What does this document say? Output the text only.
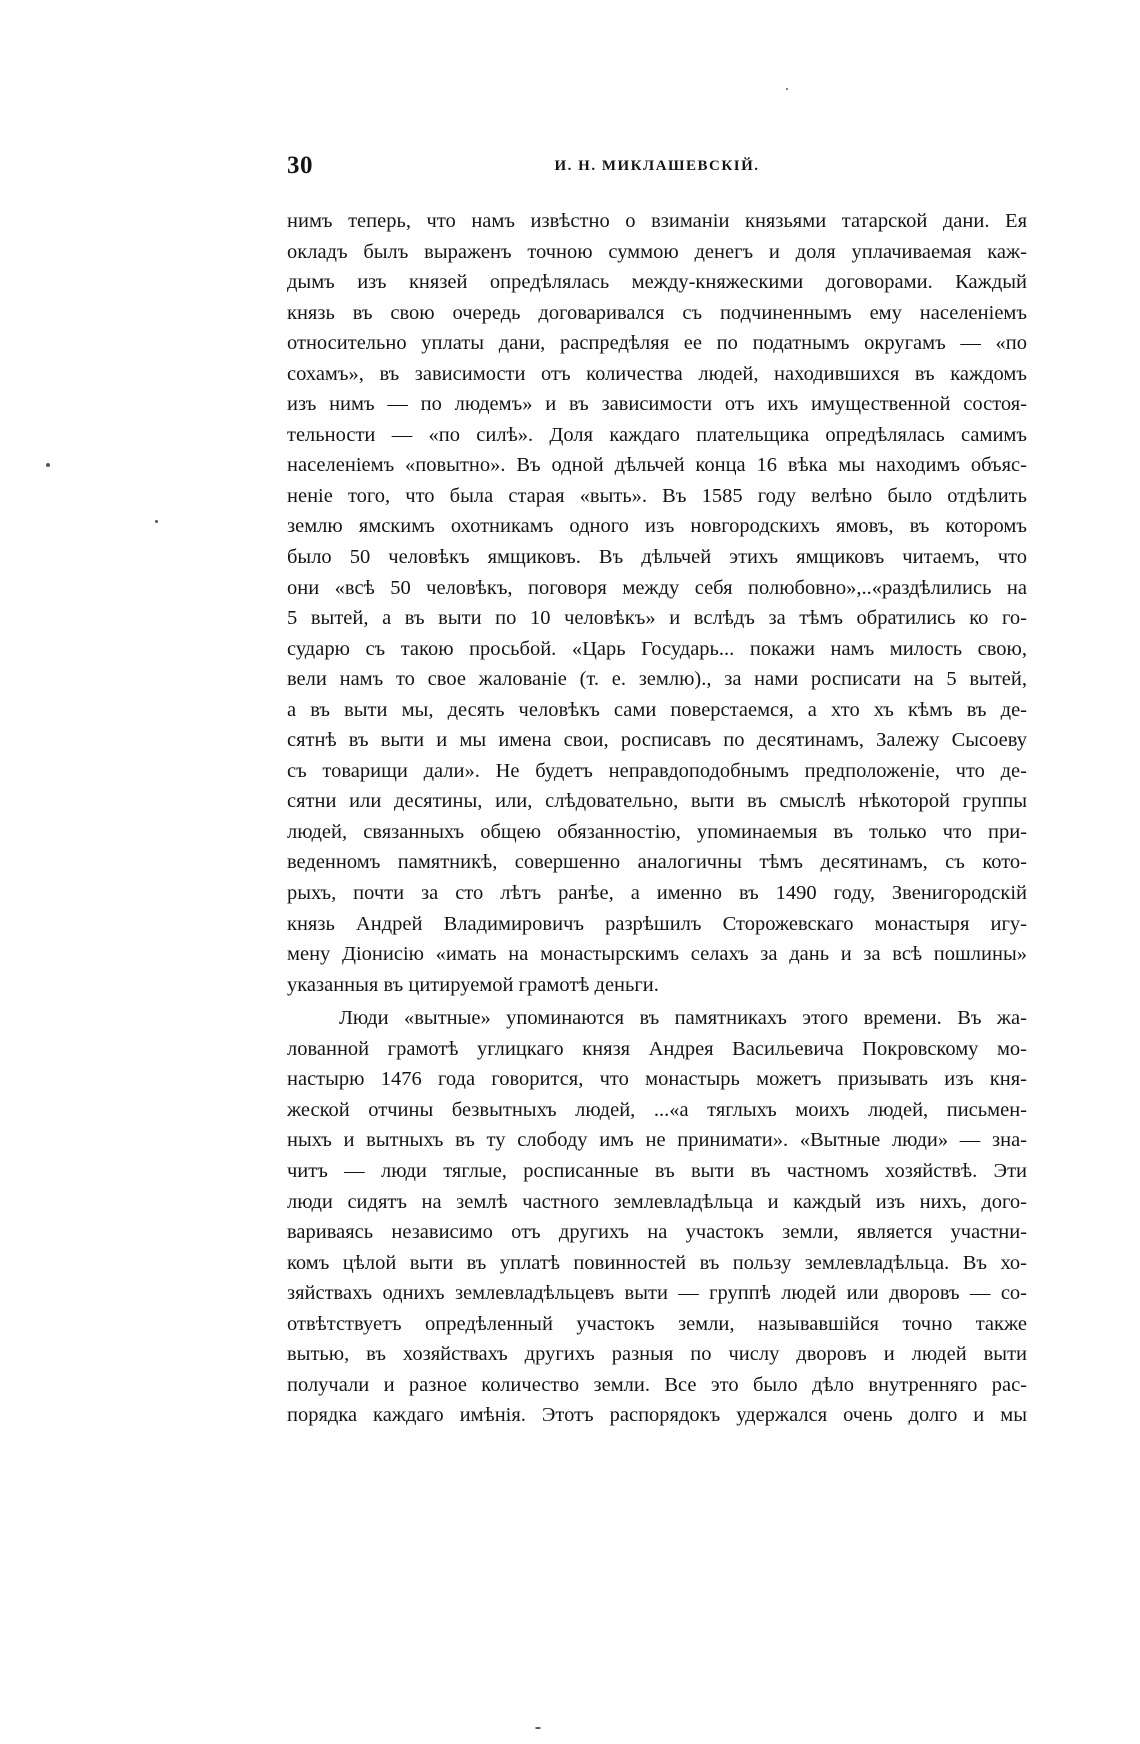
30	И. Н. МИКЛАШЕВСКІЙ.
нимъ теперь, что намъ извѣстно о взиманіи князьями татарской дани. Ея
окладъ былъ выраженъ точною суммою денегъ и доля уплачиваемая каж-
дымъ изъ князей опредѣлялась между-княжескими договорами. Каждый
князь въ свою очередь договаривался съ подчиненнымъ ему населеніемъ
относительно уплаты дани, распредѣляя ее по податнымъ округамъ — «по
сохамъ», въ зависимости отъ количества людей, находившихся въ каждомъ
изъ нимъ — по людемъ» и въ зависимости отъ ихъ имущественной состоя-
тельности — «по силѣ». Доля каждаго плательщика опредѣлялась самимъ
населеніемъ «повытно». Въ одной дѣльчей конца 16 вѣка мы находимъ объяс-
неніе того, что была старая «выть». Въ 1585 году велѣно было отдѣлить
землю ямскимъ охотникамъ одного изъ новгородскихъ ямовъ, въ которомъ
было 50 человѣкъ ямщиковъ. Въ дѣльчей этихъ ямщиковъ читаемъ, что
они «всѣ 50 человѣкъ, поговоря между себя полюбовно»,..«раздѣлились на
5 вытей, а въ выти по 10 человѣкъ» и вслѣдъ за тѣмъ обратились ко го-
сударю съ такою просьбой. «Царь Государь... покажи намъ милость свою,
вели намъ то свое жалованіе (т. е. землю)., за нами росписати на 5 вытей,
а въ выти мы, десять человѣкъ сами поверстаемся, а хто хъ кѣмъ въ де-
сятнѣ въ выти и мы имена свои, росписавъ по десятинамъ, Залежу Сысоеву
съ товарищи дали». Не будетъ неправдоподобнымъ предположеніе, что де-
сятни или десятины, или, слѣдовательно, выти въ смыслѣ нѣкоторой группы
людей, связанныхъ общею обязанностію, упоминаемыя въ только что при-
веденномъ памятникѣ, совершенно аналогичны тѣмъ десятинамъ, съ кото-
рыхъ, почти за сто лѣтъ ранѣе, а именно въ 1490 году, Звенигородскій
князь Андрей Владимировичъ разрѣшилъ Сторожевскаго монастыря игу-
мену Діонисію «имать на монастырскимъ селахъ за дань и за всѣ пошлины»
указанныя въ цитируемой грамотѣ деньги.
Люди «вытные» упоминаются въ памятникахъ этого времени. Въ жа-
лованной грамотѣ углицкаго князя Андрея Васильевича Покровскому мо-
настырю 1476 года говорится, что монастырь можетъ призывать изъ кня-
жеской отчины безвытныхъ людей, ...«а тяглыхъ моихъ людей, письмен-
ныхъ и вытныхъ въ ту слободу имъ не принимати». «Вытные люди» — зна-
читъ — люди тяглые, росписанные въ выти въ частномъ хозяйствѣ. Эти
люди сидятъ на землѣ частного землевладѣльца и каждый изъ нихъ, дого-
вариваясь независимо отъ другихъ на участокъ земли, является участни-
комъ цѣлой выти въ уплатѣ повинностей въ пользу землевладѣльца. Въ хо-
зяйствахъ однихъ землевладѣльцевъ выти — группѣ людей или дворовъ — со-
отвѣтствуетъ опредѣленный участокъ земли, называвшійся точно также
вытью, въ хозяйствахъ другихъ разныя по числу дворовъ и людей выти
получали и разное количество земли. Все это было дѣло внутренняго рас-
порядка каждаго имѣнія. Этотъ распорядокъ удержался очень долго и мы
